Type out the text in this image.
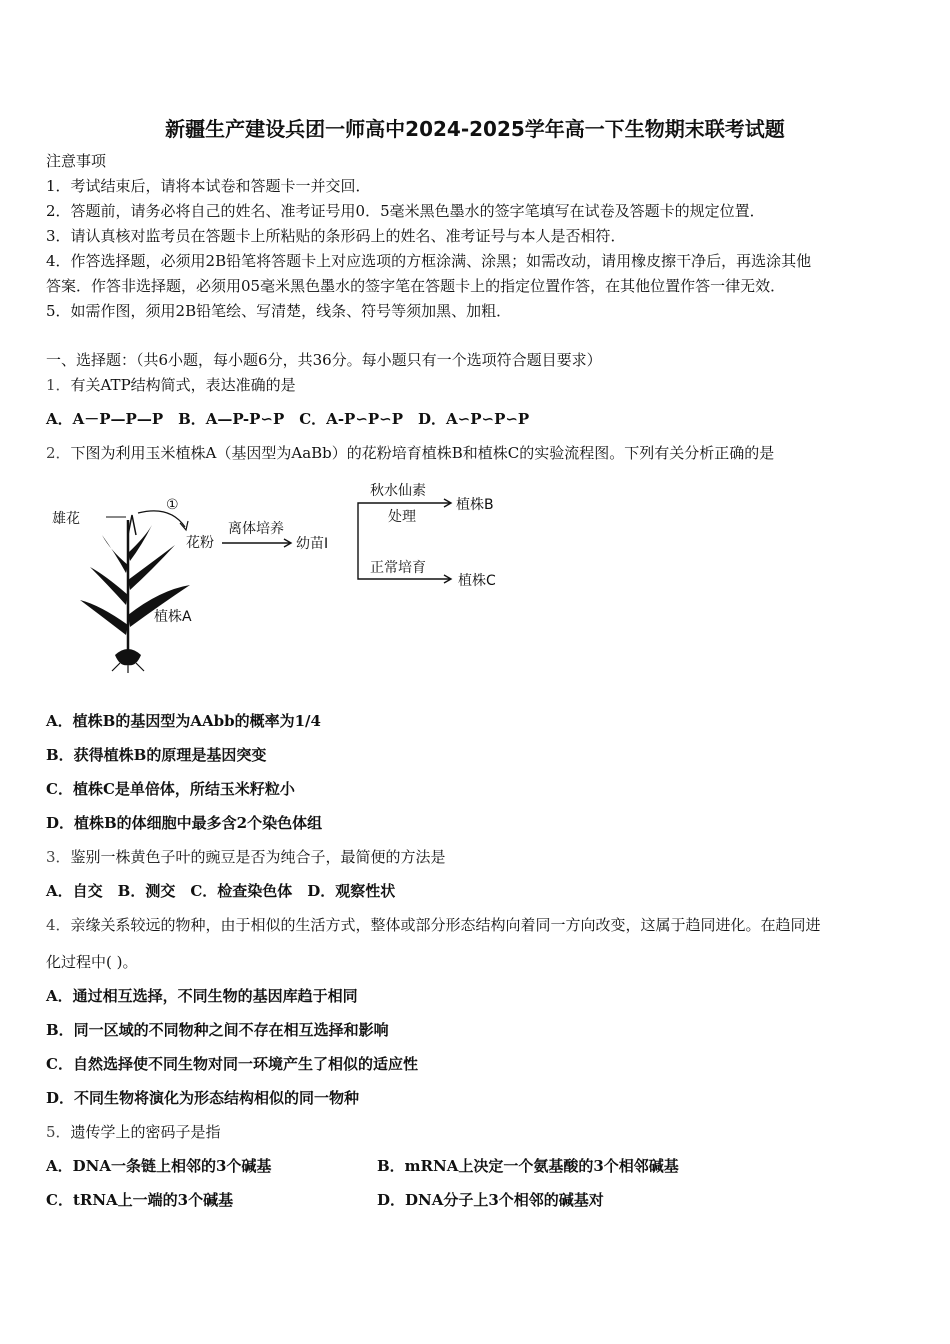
新疆生产建设兵团一师高中2024-2025学年高一下生物期末联考试题
注意事项
1．考试结束后，请将本试卷和答题卡一并交回．
2．答题前，请务必将自己的姓名、准考证号用0．5毫米黑色墨水的签字笔填写在试卷及答题卡的规定位置．
3．请认真核对监考员在答题卡上所粘贴的条形码上的姓名、准考证号与本人是否相符．
4．作答选择题，必须用2B铅笔将答题卡上对应选项的方框涂满、涂黑；如需改动，请用橡皮擦干净后，再选涂其他
答案．作答非选择题，必须用05毫米黑色墨水的签字笔在答题卡上的指定位置作答，在其他位置作答一律无效．
5．如需作图，须用2B铅笔绘、写清楚，线条、符号等须加黑、加粗．
一、选择题：（共6小题，每小题6分，共36分。每小题只有一个选项符合题目要求）
1．有关ATP结构简式，表达准确的是
A．A－P—P—P　B．A—P-P∽P　C．A-P∽P∽P　D．A∽P∽P∽P
2．下图为利用玉米植株A（基因型为AaBb）的花粉培育植株B和植株C的实验流程图。下列有关分析正确的是
雄花
①
花粉
离体培养
幼苗Ⅰ
秋水仙素
处理
植株B
正常培育
植株C
植株A
A．植株B的基因型为AAbb的概率为1/4
B．获得植株B的原理是基因突变
C．植株C是单倍体，所结玉米籽粒小
D．植株B的体细胞中最多含2个染色体组
3．鉴别一株黄色子叶的豌豆是否为纯合子，最简便的方法是
A．自交　B．测交　C．检查染色体　D．观察性状
4．亲缘关系较远的物种，由于相似的生活方式，整体或部分形态结构向着同一方向改变，这属于趋同进化。在趋同进
化过程中( )。
A．通过相互选择，不同生物的基因库趋于相同
B．同一区域的不同物种之间不存在相互选择和影响
C．自然选择使不同生物对同一环境产生了相似的适应性
D．不同生物将演化为形态结构相似的同一物种
5．遗传学上的密码子是指
A．DNA一条链上相邻的3个碱基	B．mRNA上决定一个氨基酸的3个相邻碱基
C．tRNA上一端的3个碱基	D．DNA分子上3个相邻的碱基对
